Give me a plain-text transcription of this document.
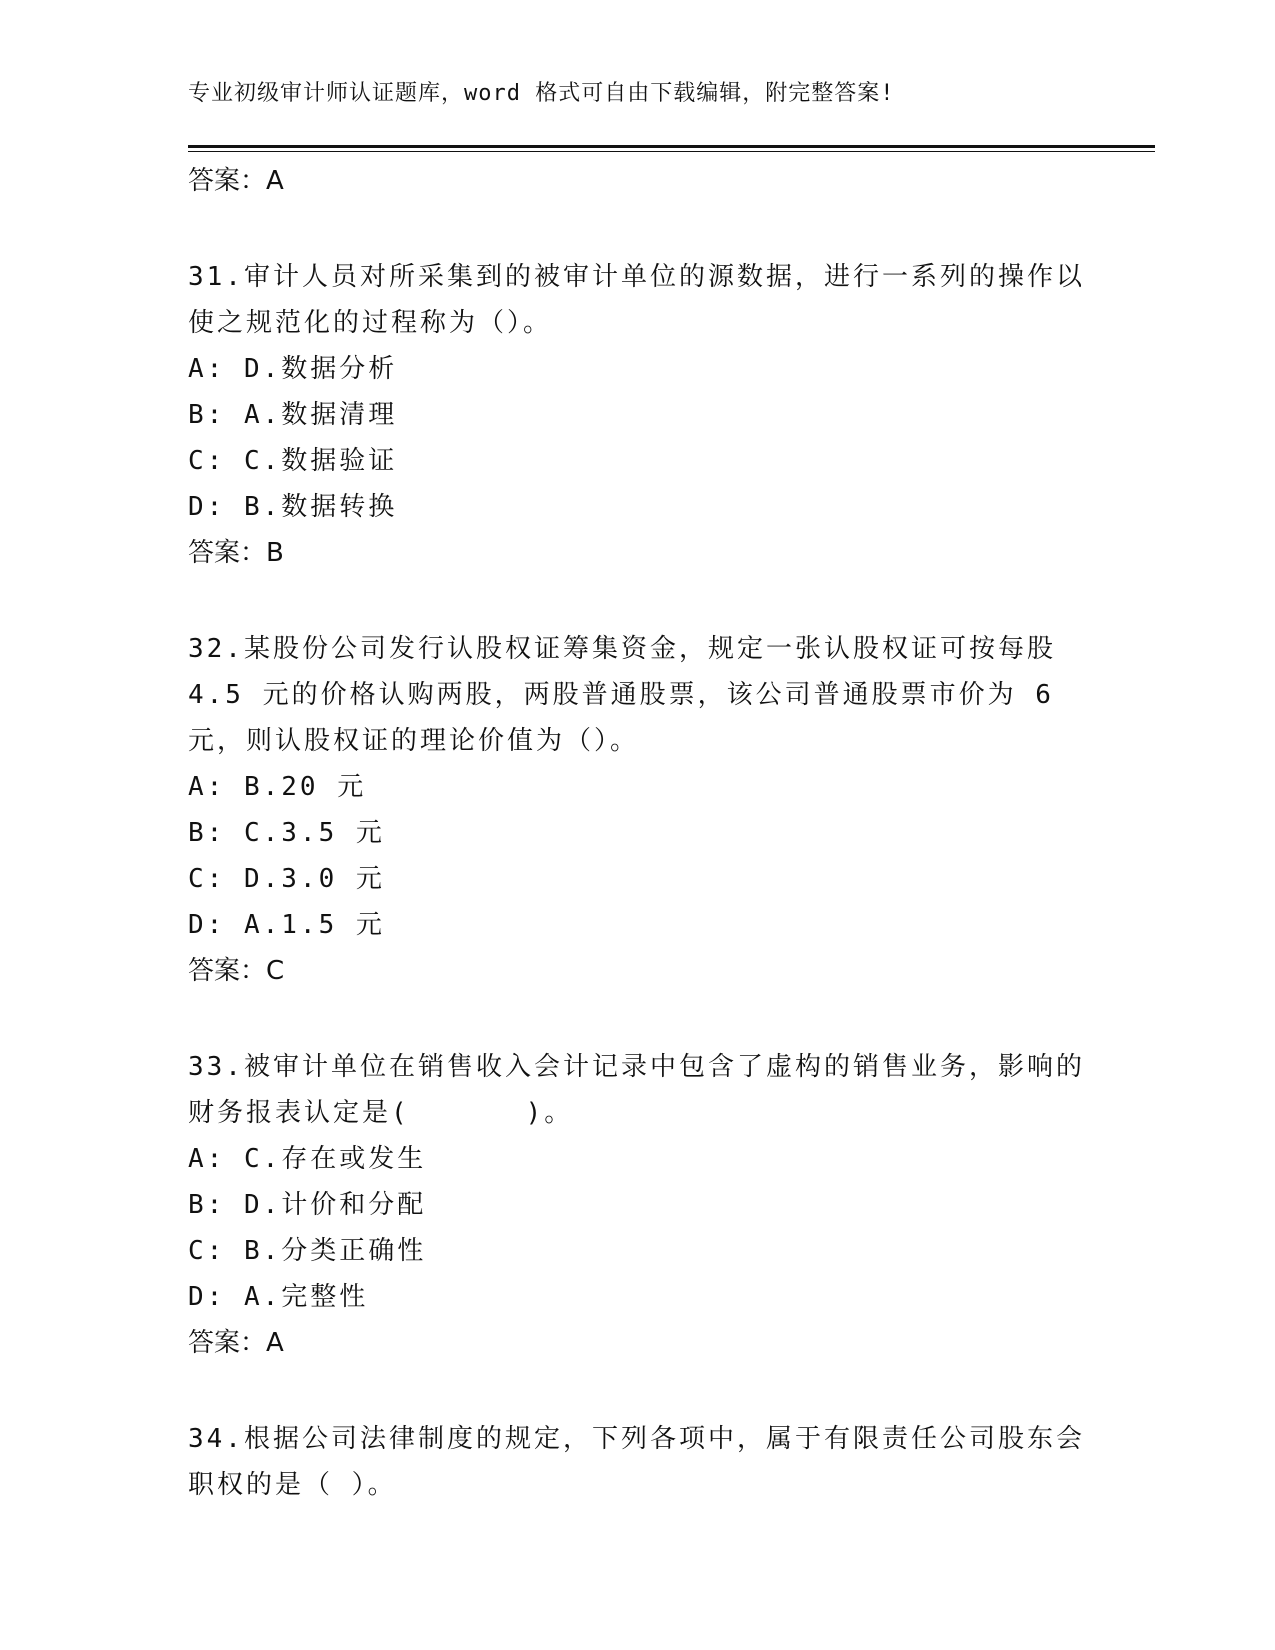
专业初级审计师认证题库，word 格式可自由下载编辑，附完整答案!
答案：A
31.审计人员对所采集到的被审计单位的源数据，进行一系列的操作以使之规范化的过程称为（）。
A: D.数据分析
B: A.数据清理
C: C.数据验证
D: B.数据转换
答案：B
32.某股份公司发行认股权证筹集资金，规定一张认股权证可按每股4.5 元的价格认购两股，两股普通股票，该公司普通股票市价为 6 元，则认股权证的理论价值为（）。
A: B.20 元
B: C.3.5 元
C: D.3.0 元
D: A.1.5 元
答案：C
33.被审计单位在销售收入会计记录中包含了虚构的销售业务，影响的财务报表认定是(　　　　)。
A: C.存在或发生
B: D.计价和分配
C: B.分类正确性
D: A.完整性
答案：A
34.根据公司法律制度的规定，下列各项中，属于有限责任公司股东会职权的是（ ）。
